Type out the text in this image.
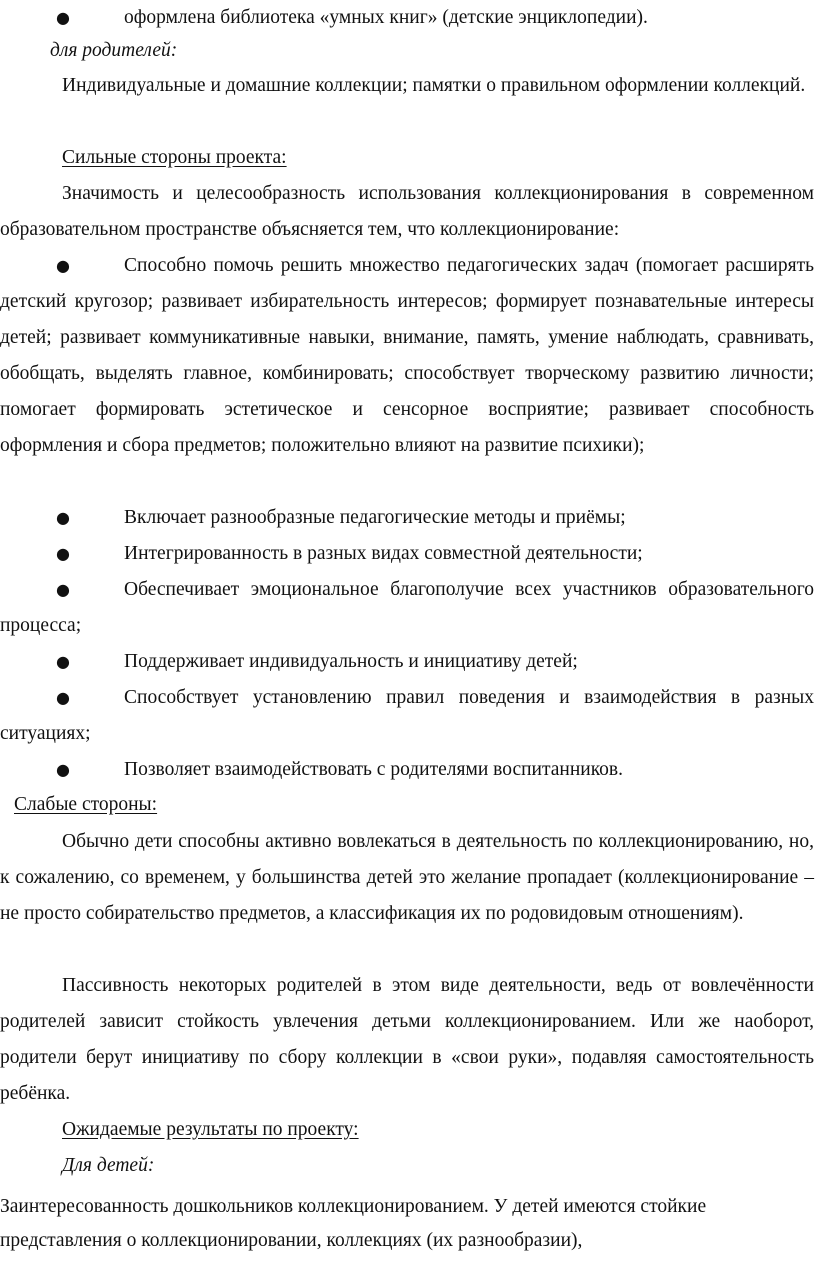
●	оформлена библиотека «умных книг» (детские энциклопедии).

для родителей:

Индивидуальные и домашние коллекции; памятки о правильном оформлении коллекций.

Сильные стороны проекта:

Значимость и целесообразность использования коллекционирования в современном образовательном пространстве объясняется тем, что коллекционирование:

●	Способно помочь решить множество педагогических задач (помогает расширять детский кругозор; развивает избирательность интересов; формирует познавательные интересы детей; развивает коммуникативные навыки, внимание, память, умение наблюдать, сравнивать, обобщать, выделять главное, комбинировать; способствует творческому развитию личности; помогает формировать эстетическое и сенсорное восприятие; развивает способность оформления и сбора предметов; положительно влияют на развитие психики);
●	Включает разнообразные педагогические методы и приёмы;
●	Интегрированность в разных видах совместной деятельности;
●	Обеспечивает эмоциональное благополучие всех участников образовательного процесса;
●	Поддерживает индивидуальность и инициативу детей;
●	Способствует установлению правил поведения и взаимодействия в разных ситуациях;
●	Позволяет взаимодействовать с родителями воспитанников.

Слабые стороны:

Обычно дети способны активно вовлекаться в деятельность по коллекционированию, но, к сожалению, со временем, у большинства детей это желание пропадает (коллекционирование – не просто собирательство предметов, а классификация их по родовидовым отношениям).

Пассивность некоторых родителей в этом виде деятельности, ведь от вовлечённости родителей зависит стойкость увлечения детьми коллекционированием. Или же наоборот, родители берут инициативу по сбору коллекции в «свои руки», подавляя самостоятельность ребёнка.

Ожидаемые результаты по проекту:

Для детей:

Заинтересованность дошкольников коллекционированием. У детей имеются стойкие представления о коллекционировании, коллекциях (их разнообразии),
